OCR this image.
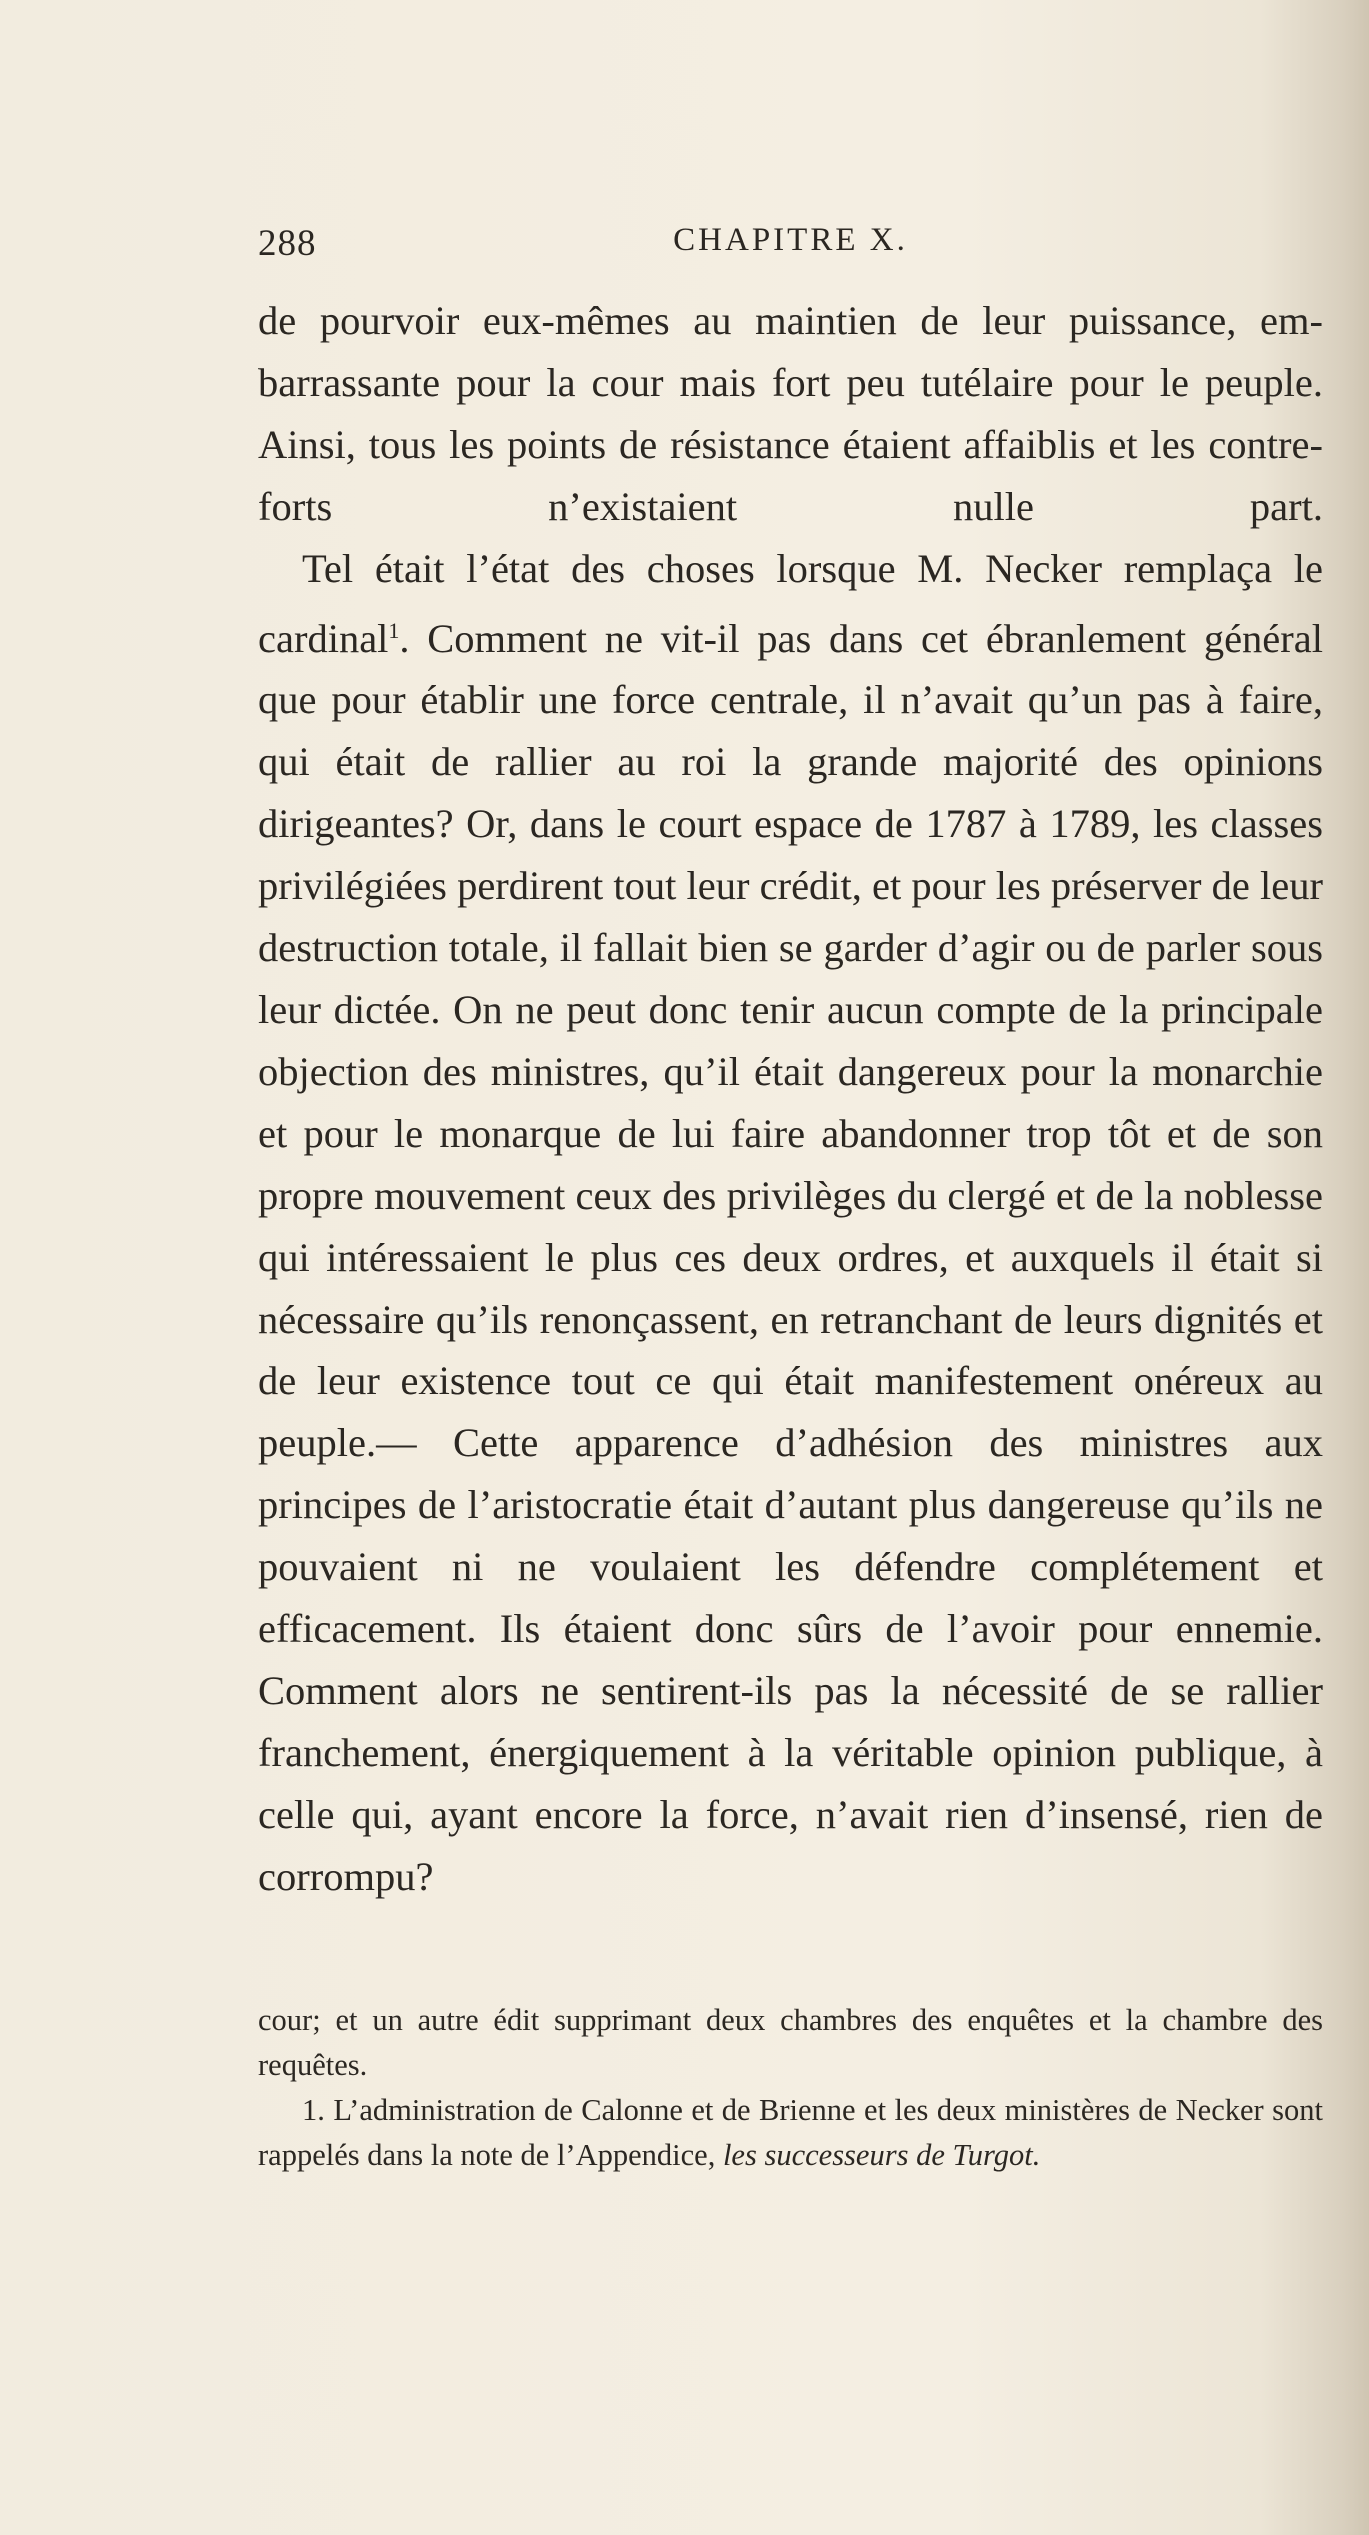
288	CHAPITRE X.

de pourvoir eux-mêmes au maintien de leur puissance, embarrassante pour la cour mais fort peu tutélaire pour le peuple. Ainsi, tous les points de résistance étaient affaiblis et les contre-forts n’existaient nulle part.

Tel était l’état des choses lorsque M. Necker remplaça le cardinal$^1$. Comment ne vit-il pas dans cet ébranlement général que pour établir une force centrale, il n’avait qu’un pas à faire, qui était de rallier au roi la grande majorité des opinions dirigeantes? Or, dans le court espace de 1787 à 1789, les classes privilégiées perdirent tout leur crédit, et pour les préserver de leur destruction totale, il fallait bien se garder d’agir ou de parler sous leur dictée. On ne peut donc tenir aucun compte de la principale objection des ministres, qu’il était dangereux pour la monarchie et pour le monarque de lui faire abandonner trop tôt et de son propre mouvement ceux des privilèges du clergé et de la noblesse qui intéressaient le plus ces deux ordres, et auxquels il était si nécessaire qu’ils renonçassent, en retranchant de leurs dignités et de leur existence tout ce qui était manifestement onéreux au peuple.— Cette apparence d’adhésion des ministres aux principes de l’aristocratie était d’autant plus dangereuse qu’ils ne pouvaient ni ne voulaient les défendre complétement et efficacement. Ils étaient donc sûrs de l’avoir pour ennemie. Comment alors ne sentirent-ils pas la nécessité de se rallier franchement, énergiquement à la véritable opinion publique, à celle qui, ayant encore la force, n’avait rien d’insensé, rien de corrompu?

cour; et un autre édit supprimant deux chambres des enquêtes et la chambre des requêtes.

1. L’administration de Calonne et de Brienne et les deux ministères de Necker sont rappelés dans la note de l’Appendice, les successeurs de Turgot.
